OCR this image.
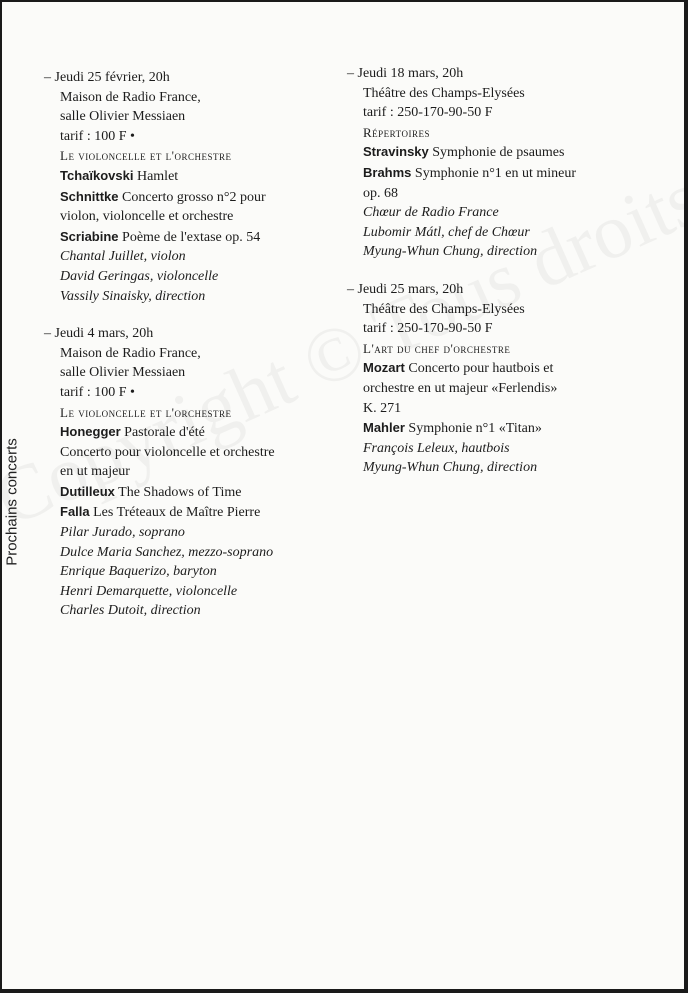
Prochains concerts
– Jeudi 25 février, 20h
Maison de Radio France,
salle Olivier Messiaen
tarif : 100 F •
Le violoncelle et l'orchestre
Tchaïkovski Hamlet
Schnittke Concerto grosso n°2 pour
violon, violoncelle et orchestre
Scriabine Poème de l'extase op. 54
Chantal Juillet, violon
David Geringas, violoncelle
Vassily Sinaisky, direction
– Jeudi 4 mars, 20h
Maison de Radio France,
salle Olivier Messiaen
tarif : 100 F •
Le violoncelle et l'orchestre
Honegger Pastorale d'été
Concerto pour violoncelle et orchestre
en ut majeur
Dutilleux The Shadows of Time
Falla Les Tréteaux de Maître Pierre
Pilar Jurado, soprano
Dulce Maria Sanchez, mezzo-soprano
Enrique Baquerizo, baryton
Henri Demarquette, violoncelle
Charles Dutoit, direction
– Jeudi 18 mars, 20h
Théâtre des Champs-Elysées
tarif : 250-170-90-50 F
Répertoires
Stravinsky Symphonie de psaumes
Brahms Symphonie n°1 en ut mineur
op. 68
Chœur de Radio France
Lubomir Mátl, chef de Chœur
Myung-Whun Chung, direction
– Jeudi 25 mars, 20h
Théâtre des Champs-Elysées
tarif : 250-170-90-50 F
L'art du chef d'orchestre
Mozart Concerto pour hautbois et
orchestre en ut majeur «Ferlendis»
K. 271
Mahler Symphonie n°1 «Titan»
François Leleux, hautbois
Myung-Whun Chung, direction
